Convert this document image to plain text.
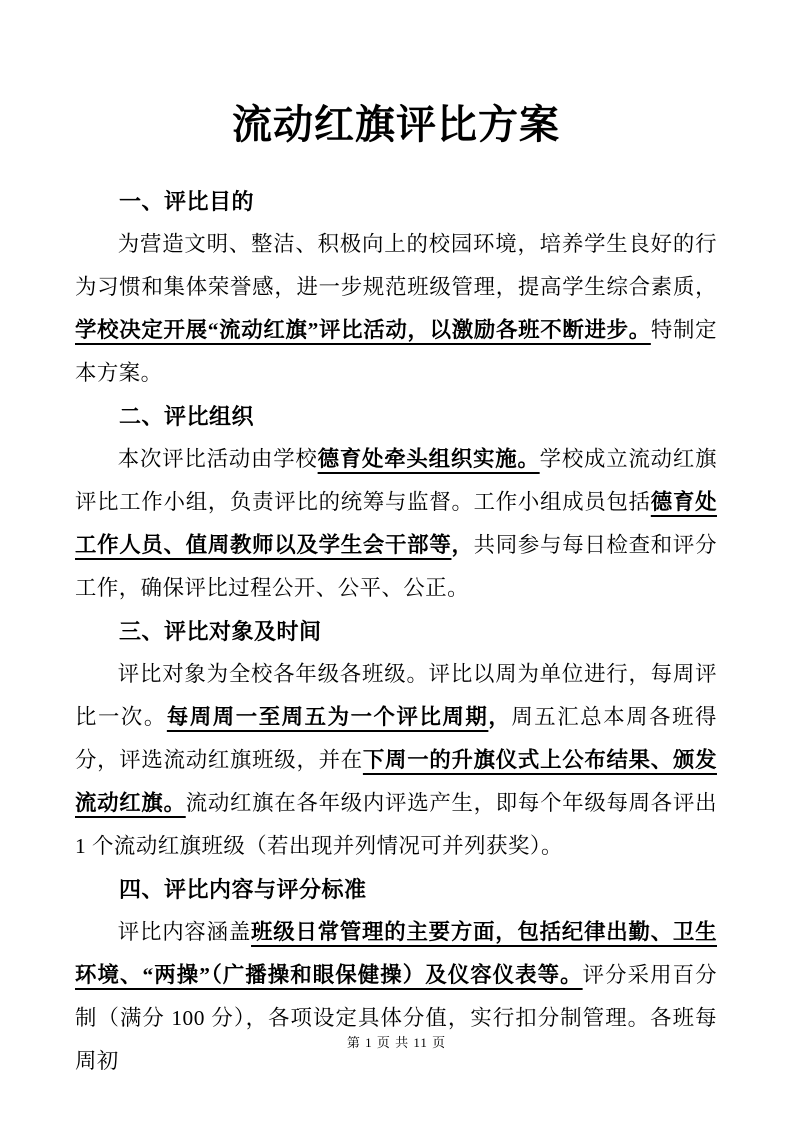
流动红旗评比方案
一、评比目的

为营造文明、整洁、积极向上的校园环境，培养学生良好的行为习惯和集体荣誉感，进一步规范班级管理，提高学生综合素质，学校决定开展“流动红旗”评比活动，以激励各班不断进步。特制定本方案。

二、评比组织

本次评比活动由学校德育处牵头组织实施。学校成立流动红旗评比工作小组，负责评比的统筹与监督。工作小组成员包括德育处工作人员、值周教师以及学生会干部等，共同参与每日检查和评分工作，确保评比过程公开、公平、公正。

三、评比对象及时间

评比对象为全校各年级各班级。评比以周为单位进行，每周评比一次。每周周一至周五为一个评比周期，周五汇总本周各班得分，评选流动红旗班级，并在下周一的升旗仪式上公布结果、颁发流动红旗。流动红旗在各年级内评选产生，即每个年级每周各评出 1 个流动红旗班级（若出现并列情况可并列获奖）。

四、评比内容与评分标准

评比内容涵盖班级日常管理的主要方面，包括纪律出勤、卫生环境、“两操”（广播操和眼保健操）及仪容仪表等。评分采用百分制（满分 100 分），各项设定具体分值，实行扣分制管理。各班每周初

第 1 页 共 11 页
